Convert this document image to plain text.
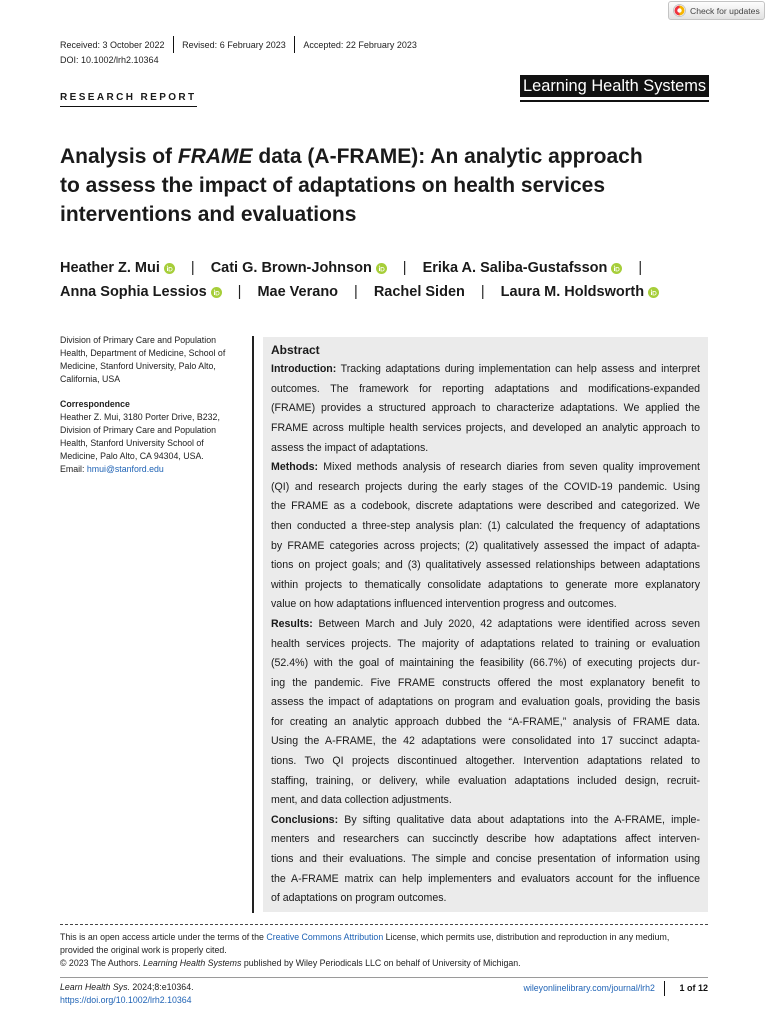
Check for updates
Received: 3 October 2022 Revised: 6 February 2023 Accepted: 22 February 2023
DOI: 10.1002/lrh2.10364
Learning Health Systems
RESEARCH REPORT
Analysis of FRAME data (A-FRAME): An analytic approach
to assess the impact of adaptations on health services
interventions and evaluations
Heather Z. Mui | Cati G. Brown-Johnson | Erika A. Saliba-Gustafsson |
Anna Sophia Lessios | Mae Verano | Rachel Siden | Laura M. Holdsworth
Division of Primary Care and Population
Health, Department of Medicine, School of
Medicine, Stanford University, Palo Alto,
California, USA
Correspondence
Heather Z. Mui, 3180 Porter Drive, B232,
Division of Primary Care and Population
Health, Stanford University School of
Medicine, Palo Alto, CA 94304, USA.
Email: hmui@stanford.edu
Abstract
Introduction: Tracking adaptations during implementation can help assess and interpret
outcomes. The framework for reporting adaptations and modifications-expanded
(FRAME) provides a structured approach to characterize adaptations. We applied the
FRAME across multiple health services projects, and developed an analytic approach to
assess the impact of adaptations.
Methods: Mixed methods analysis of research diaries from seven quality improvement
(QI) and research projects during the early stages of the COVID-19 pandemic. Using
the FRAME as a codebook, discrete adaptations were described and categorized. We
then conducted a three-step analysis plan: (1) calculated the frequency of adaptations
by FRAME categories across projects; (2) qualitatively assessed the impact of adapta-
tions on project goals; and (3) qualitatively assessed relationships between adaptations
within projects to thematically consolidate adaptations to generate more explanatory
value on how adaptations influenced intervention progress and outcomes.
Results: Between March and July 2020, 42 adaptations were identified across seven
health services projects. The majority of adaptations related to training or evaluation
(52.4%) with the goal of maintaining the feasibility (66.7%) of executing projects dur-
ing the pandemic. Five FRAME constructs offered the most explanatory benefit to
assess the impact of adaptations on program and evaluation goals, providing the basis
for creating an analytic approach dubbed the “A-FRAME,” analysis of FRAME data.
Using the A-FRAME, the 42 adaptations were consolidated into 17 succinct adapta-
tions. Two QI projects discontinued altogether. Intervention adaptations related to
staffing, training, or delivery, while evaluation adaptations included design, recruit-
ment, and data collection adjustments.
Conclusions: By sifting qualitative data about adaptations into the A-FRAME, imple-
menters and researchers can succinctly describe how adaptations affect interven-
tions and their evaluations. The simple and concise presentation of information using
the A-FRAME matrix can help implementers and evaluators account for the influence
of adaptations on program outcomes.
This is an open access article under the terms of the Creative Commons Attribution License, which permits use, distribution and reproduction in any medium,
provided the original work is properly cited.
© 2023 The Authors. Learning Health Systems published by Wiley Periodicals LLC on behalf of University of Michigan.
Learn Health Sys. 2024;8:e10364.
https://doi.org/10.1002/lrh2.10364
wileyonlinelibrary.com/journal/lrh2	1 of 12
